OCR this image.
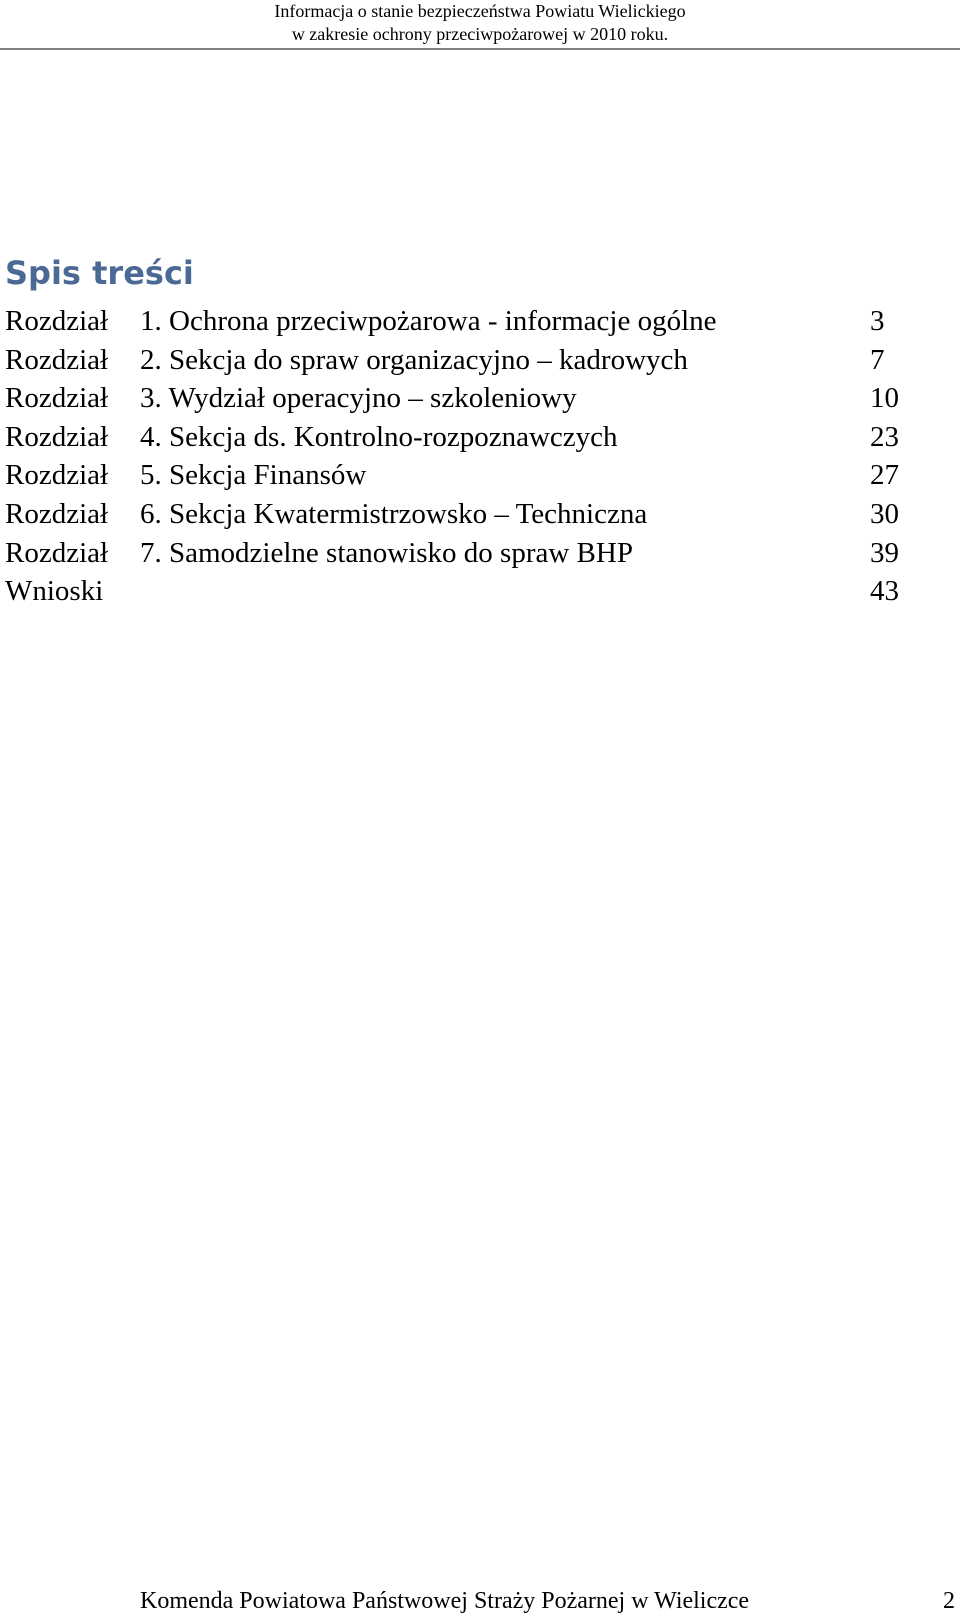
Informacja o stanie bezpieczeństwa Powiatu Wielickiego
w zakresie ochrony przeciwpożarowej w 2010 roku.
Spis treści
Rozdział 1. Ochrona przeciwpożarowa - informacje ogólne	3
Rozdział 2. Sekcja do spraw organizacyjno – kadrowych	7
Rozdział 3. Wydział operacyjno – szkoleniowy	10
Rozdział 4. Sekcja ds. Kontrolno-rozpoznawczych	23
Rozdział 5. Sekcja Finansów	27
Rozdział 6. Sekcja Kwatermistrzowsko – Techniczna	30
Rozdział 7. Samodzielne stanowisko do spraw BHP	39
Wnioski	43
Komenda Powiatowa Państwowej Straży Pożarnej w Wieliczce	2
